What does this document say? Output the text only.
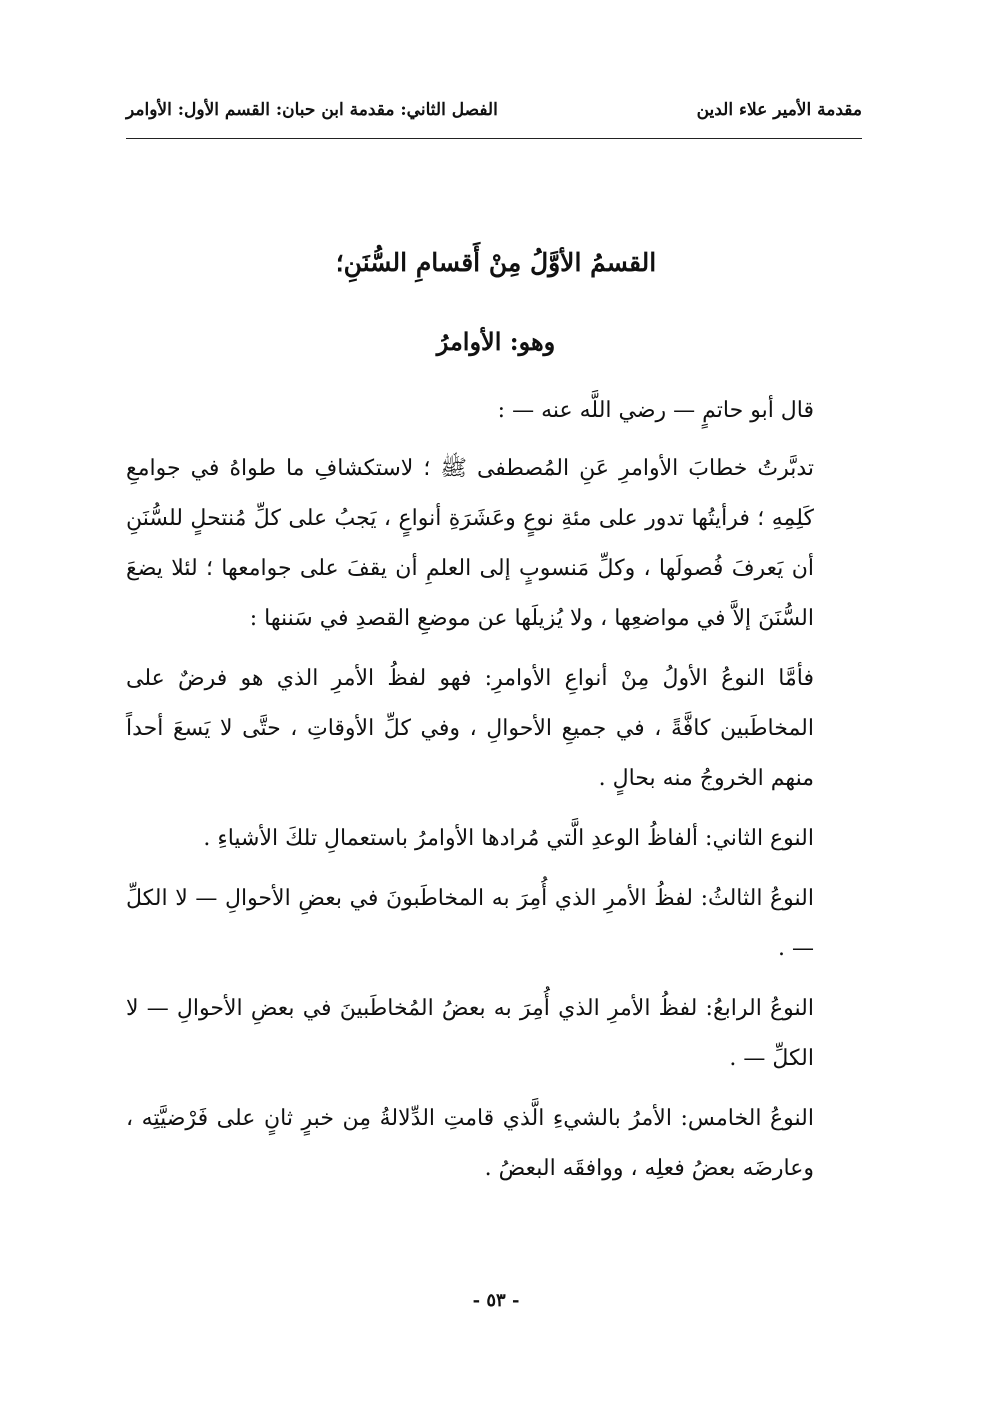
مقدمة الأمير علاء الدين
الفصل الثاني: مقدمة ابن حبان: القسم الأول: الأوامر
القسمُ الأوَّلُ مِنْ أَقسامِ السُّنَنِ؛
وهو: الأوامرُ

قال أبو حاتمٍ — رضي اللَّه عنه — :

تدبَّرتُ خطابَ الأوامرِ عَنِ المُصطفى ﷺ ؛ لاستكشافِ ما طواهُ في جوامعِ كَلِمِهِ ؛ فرأيتُها تدور على مئةِ نوعٍ وعَشَرَةِ أنواعٍ ، يَجبُ على كلِّ مُنتحلٍ للسُّنَنِ أن يَعرفَ فُصولَها ، وكلِّ مَنسوبٍ إلى العلمِ أن يقفَ على جوامعها ؛ لئلا يضعَ السُّنَنَ إلاَّ في مواضعِها ، ولا يُزيلَها عن موضعِ القصدِ في سَننها :

فأمَّا النوعُ الأولُ مِنْ أنواعِ الأوامرِ: فهو لفظُ الأمرِ الذي هو فرضٌ على المخاطَبين كافَّةً ، في جميعِ الأحوالِ ، وفي كلِّ الأوقاتِ ، حتَّى لا يَسعَ أحداً منهم الخروجُ منه بحالٍ .

النوع الثاني: ألفاظُ الوعدِ الَّتي مُرادها الأوامرُ باستعمالِ تلكَ الأشياءِ .

النوعُ الثالثُ: لفظُ الأمرِ الذي أُمِرَ به المخاطَبونَ في بعضِ الأحوالِ — لا الكلِّ — .

النوعُ الرابعُ: لفظُ الأمرِ الذي أُمِرَ به بعضُ المُخاطَبينَ في بعضِ الأحوالِ — لا الكلِّ — .

النوعُ الخامس: الأمرُ بالشيءِ الَّذي قامتِ الدِّلالةُ مِن خبرٍ ثانٍ على فَرْضيَّتِه ، وعارضَه بعضُ فعلِه ، ووافقَه البعضُ .

- ٥٣ -
